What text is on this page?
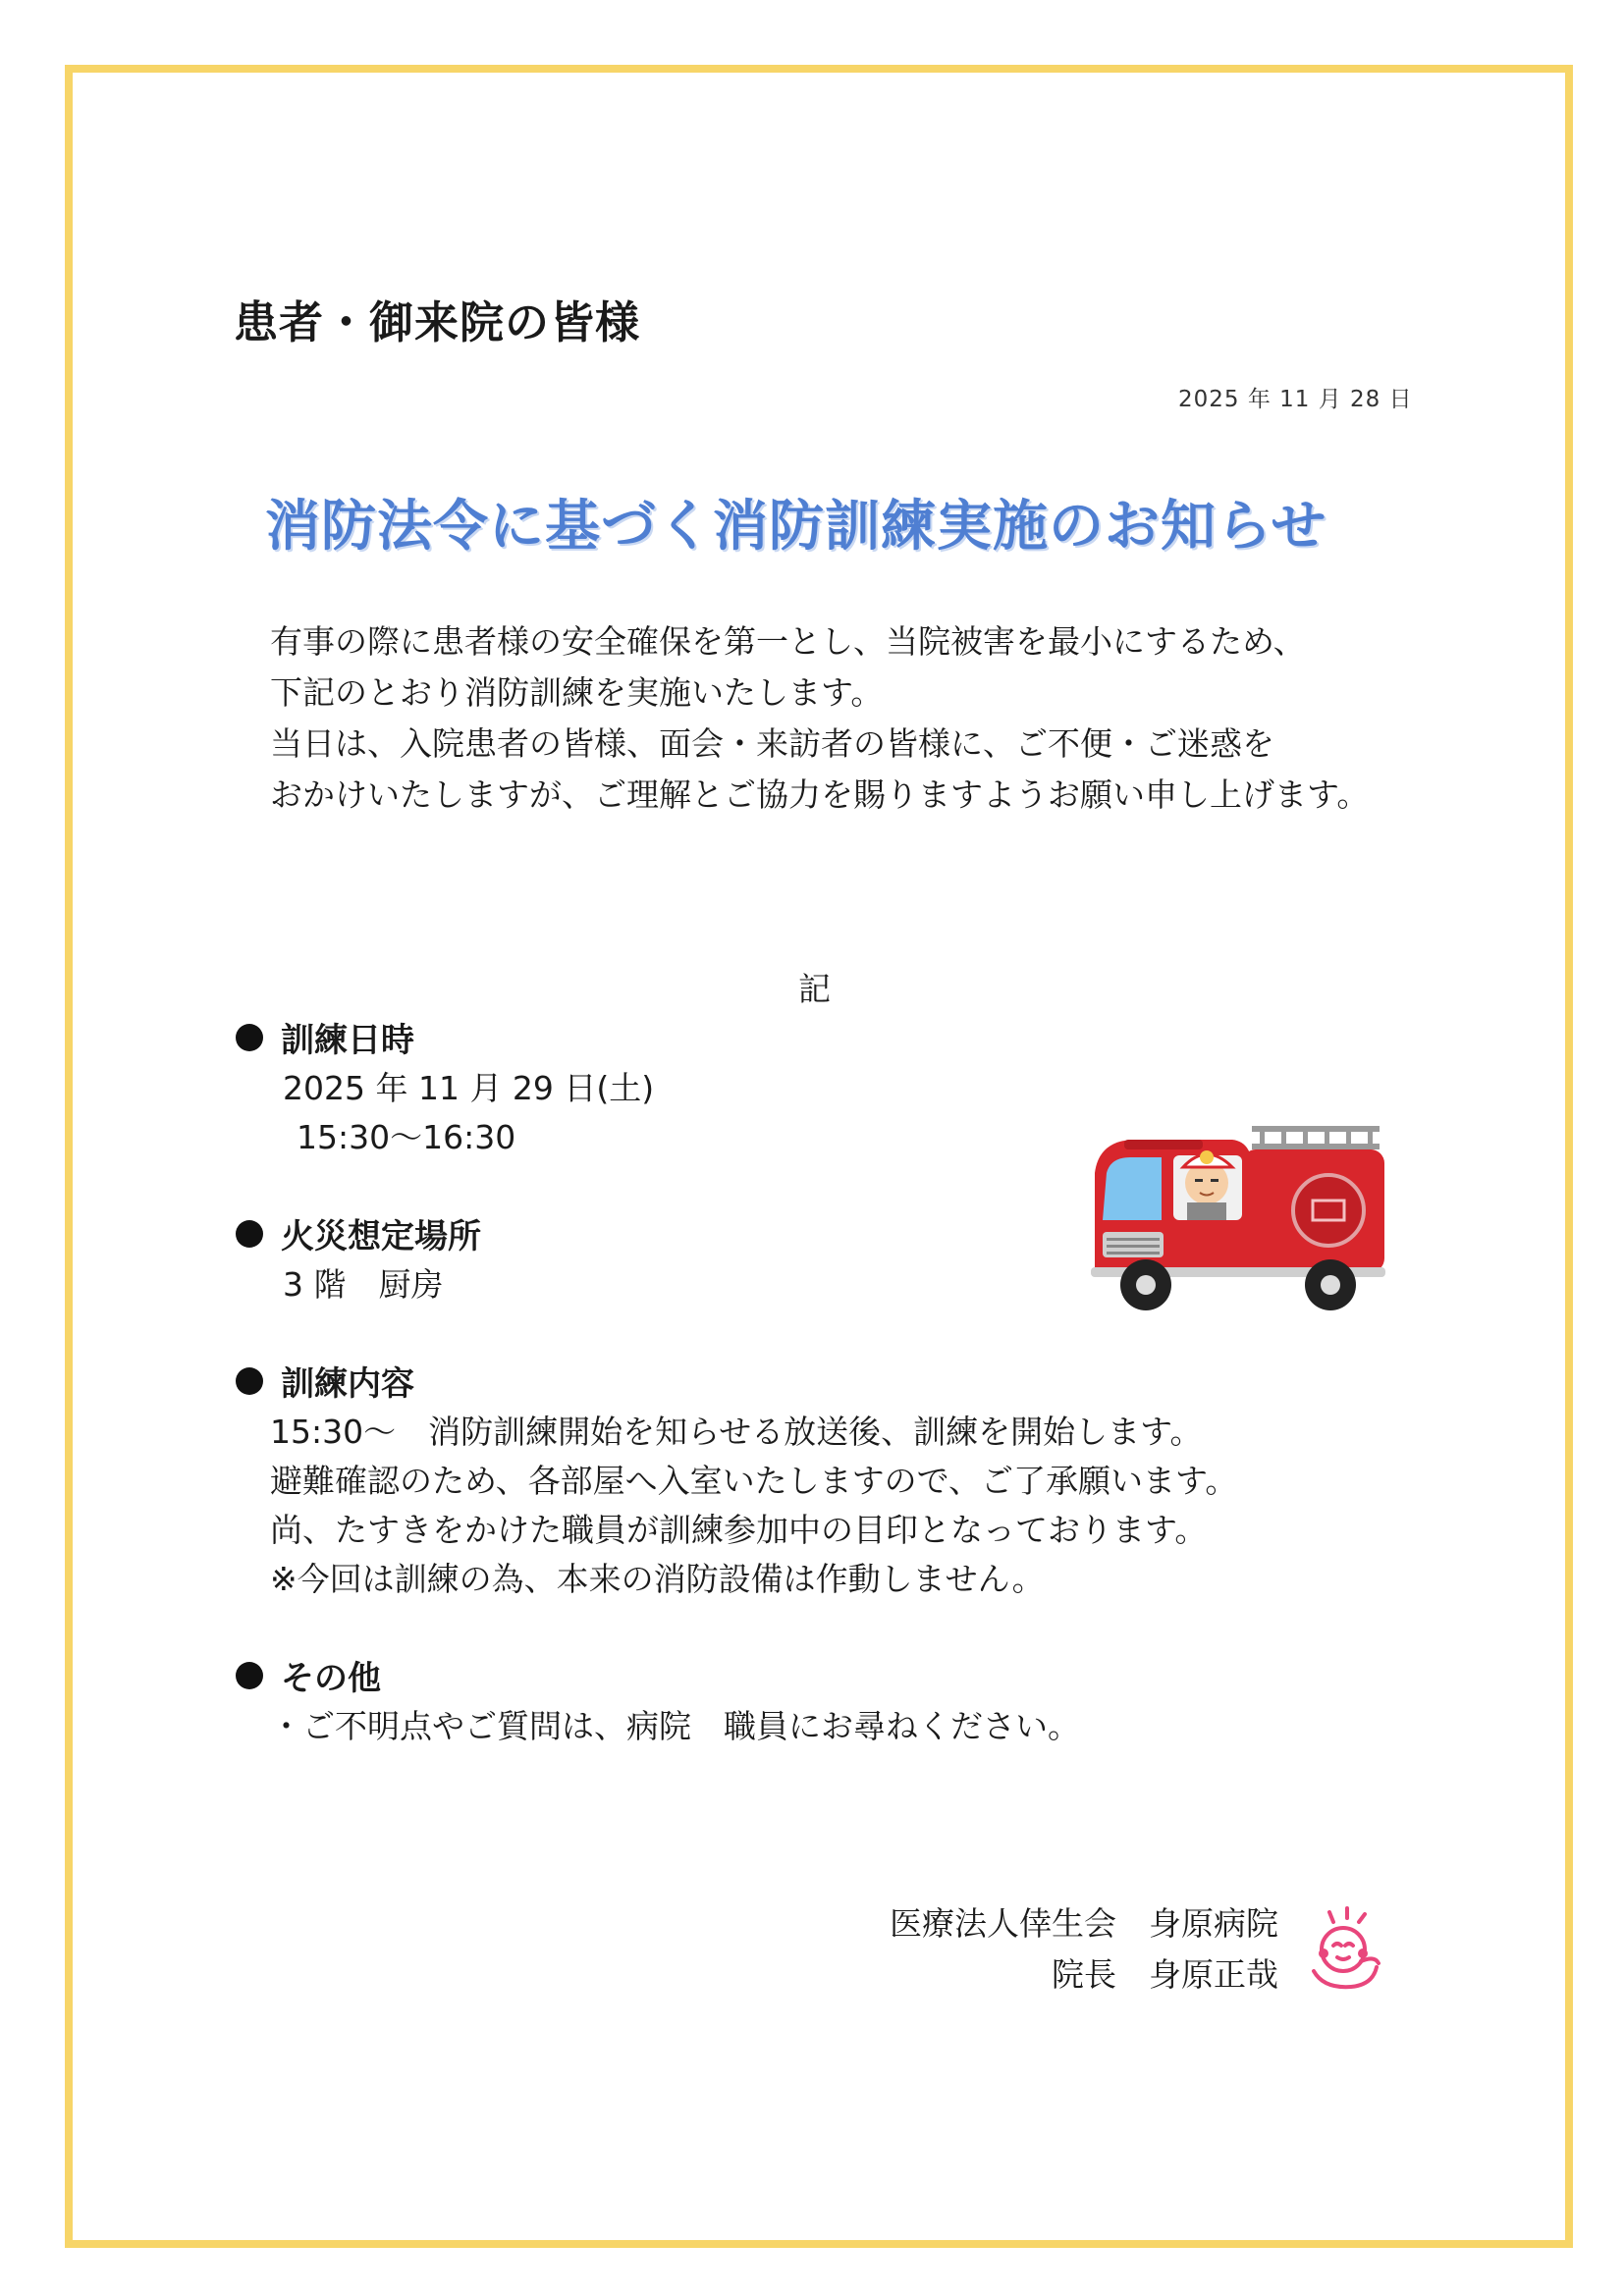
患者・御来院の皆様
2025 年 11 月 28 日
消防法令に基づく消防訓練実施のお知らせ

有事の際に患者様の安全確保を第一とし、当院被害を最小にするため、

下記のとおり消防訓練を実施いたします。

当日は、入院患者の皆様、面会・来訪者の皆様に、ご不便・ご迷惑を

おかけいたしますが、ご理解とご協力を賜りますようお願い申し上げます。

記
訓練日時

2025 年 11 月 29 日(土)

15:30～16:30

火災想定場所

3 階　厨房

訓練内容

15:30～　消防訓練開始を知らせる放送後、訓練を開始します。

避難確認のため、各部屋へ入室いたしますので、ご了承願います。

尚、たすきをかけた職員が訓練参加中の目印となっております。

※今回は訓練の為、本来の消防設備は作動しません。

その他

・ご不明点やご質問は、病院　職員にお尋ねください。

医療法人倖生会　身原病院

院長　身原正哉
